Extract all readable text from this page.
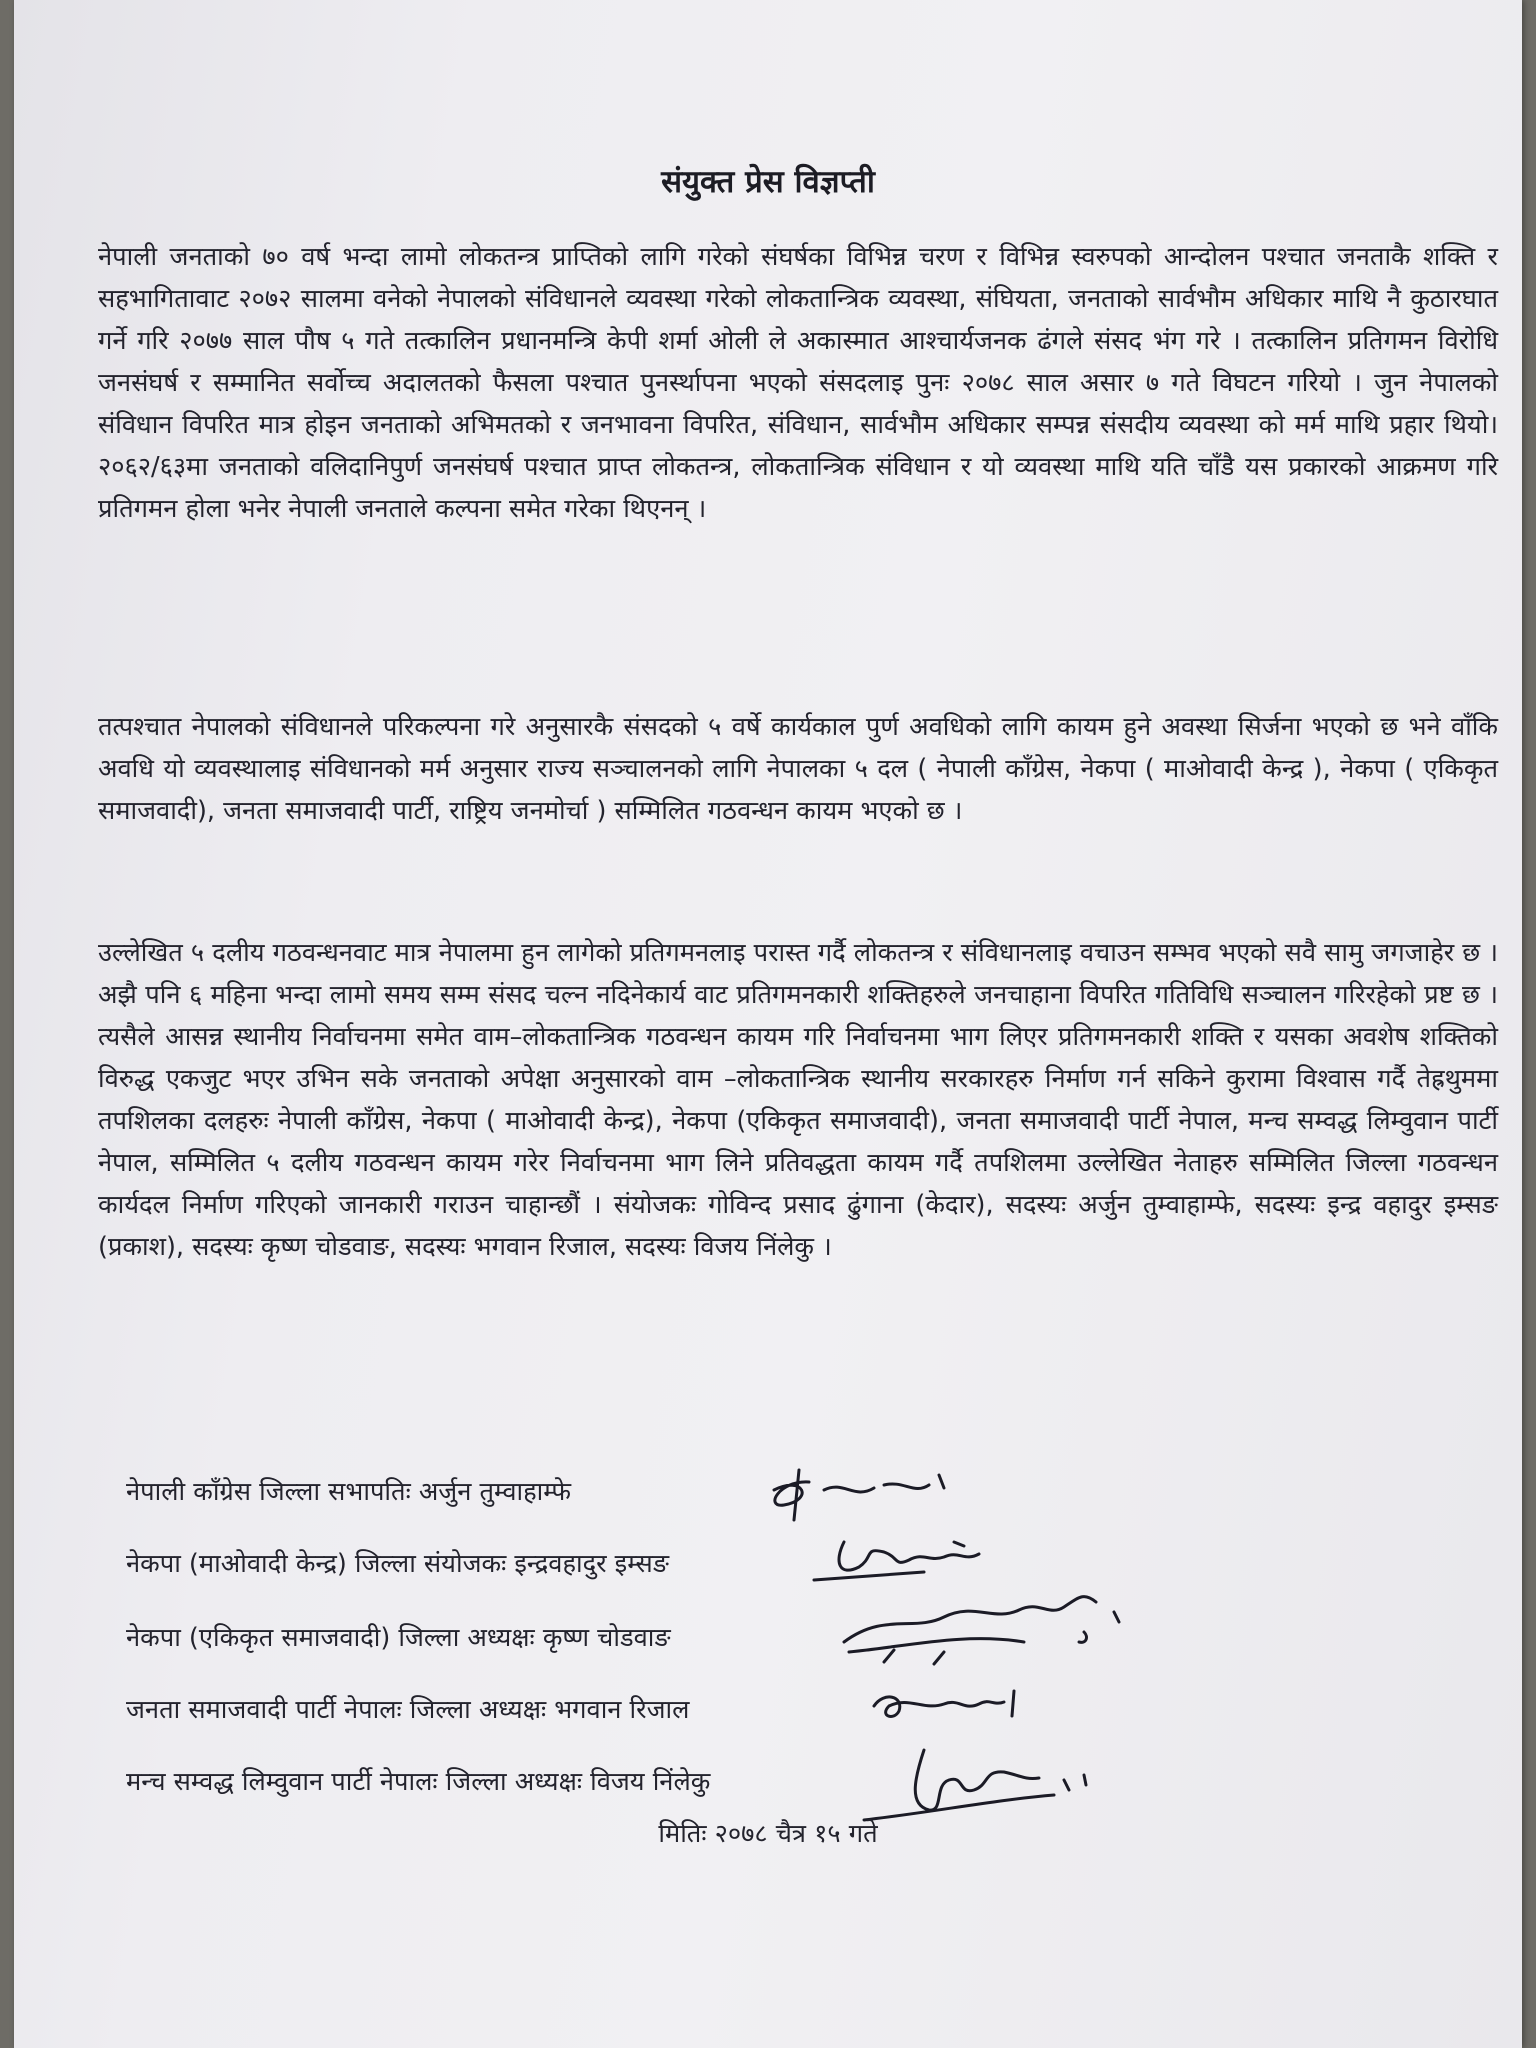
संयुक्त प्रेस विज्ञप्ती

नेपाली जनताको ७० वर्ष भन्दा लामो लोकतन्त्र प्राप्तिको लागि गरेको संघर्षका विभिन्न चरण र विभिन्न स्वरुपको आन्दोलन पश्चात जनताकै शक्ति र सहभागितावाट २०७२ सालमा वनेको नेपालको संविधानले व्यवस्था गरेको लोकतान्त्रिक व्यवस्था, संघियता, जनताको सार्वभौम अधिकार माथि नै कुठारघात गर्ने गरि २०७७ साल पौष ५ गते तत्कालिन प्रधानमन्त्रि केपी शर्मा ओली ले अकास्मात आश्चार्यजनक ढंगले संसद भंग गरे । तत्कालिन प्रतिगमन विरोधि जनसंघर्ष र सम्मानित सर्वोच्च अदालतको फैसला पश्चात पुनर्स्थापना भएको संसदलाइ पुनः २०७८ साल असार ७ गते विघटन गरियो । जुन नेपालको संविधान विपरित मात्र होइन जनताको अभिमतको र जनभावना विपरित, संविधान, सार्वभौम अधिकार सम्पन्न संसदीय व्यवस्था को मर्म माथि प्रहार थियो। २०६२/६३मा जनताको वलिदानिपुर्ण जनसंघर्ष पश्चात प्राप्त लोकतन्त्र, लोकतान्त्रिक संविधान र यो व्यवस्था माथि यति चाँडै यस प्रकारको आक्रमण गरि प्रतिगमन होला भनेर नेपाली जनताले कल्पना समेत गरेका थिएनन् ।

तत्पश्चात नेपालको संविधानले परिकल्पना गरे अनुसारकै संसदको ५ वर्षे कार्यकाल पुर्ण अवधिको लागि कायम हुने अवस्था सिर्जना भएको छ भने वाँकि अवधि यो व्यवस्थालाइ संविधानको मर्म अनुसार राज्य सञ्चालनको लागि नेपालका ५ दल ( नेपाली काँग्रेस, नेकपा ( माओवादी केन्द्र ), नेकपा ( एकिकृत समाजवादी), जनता समाजवादी पार्टी, राष्ट्रिय जनमोर्चा ) सम्मिलित गठवन्धन कायम भएको छ ।

उल्लेखित ५ दलीय गठवन्धनवाट मात्र नेपालमा हुन लागेको प्रतिगमनलाइ परास्त गर्दै लोकतन्त्र र संविधानलाइ वचाउन सम्भव भएको सवै सामु जगजाहेर छ । अझै पनि ६ महिना भन्दा लामो समय सम्म संसद चल्न नदिनेकार्य वाट प्रतिगमनकारी शक्तिहरुले जनचाहाना विपरित गतिविधि सञ्चालन गरिरहेको प्रष्ट छ । त्यसैले आसन्न स्थानीय निर्वाचनमा समेत वाम–लोकतान्त्रिक गठवन्धन कायम गरि निर्वाचनमा भाग लिएर प्रतिगमनकारी शक्ति र यसका अवशेष शक्तिको विरुद्ध एकजुट भएर उभिन सके जनताको अपेक्षा अनुसारको वाम –लोकतान्त्रिक स्थानीय सरकारहरु निर्माण गर्न सकिने कुरामा विश्वास गर्दै तेह्रथुममा तपशिलका दलहरुः नेपाली काँग्रेस, नेकपा ( माओवादी केन्द्र), नेकपा (एकिकृत समाजवादी), जनता समाजवादी पार्टी नेपाल, मन्च सम्वद्ध लिम्वुवान पार्टी नेपाल, सम्मिलित ५ दलीय गठवन्धन कायम गरेर निर्वाचनमा भाग लिने प्रतिवद्धता कायम गर्दै तपशिलमा उल्लेखित नेताहरु सम्मिलित जिल्ला गठवन्धन कार्यदल निर्माण गरिएको जानकारी गराउन चाहान्छौं । संयोजकः गोविन्द प्रसाद ढुंगाना (केदार), सदस्यः अर्जुन तुम्वाहाम्फे, सदस्यः इन्द्र वहादुर इम्सङ (प्रकाश), सदस्यः कृष्ण चोडवाङ, सदस्यः भगवान रिजाल, सदस्यः विजय निंलेकु ।

नेपाली काँग्रेस जिल्ला सभापतिः अर्जुन तुम्वाहाम्फे
नेकपा (माओवादी केन्द्र) जिल्ला संयोजकः इन्द्रवहादुर इम्सङ
नेकपा (एकिकृत समाजवादी) जिल्ला अध्यक्षः कृष्ण चोडवाङ
जनता समाजवादी पार्टी नेपालः जिल्ला अध्यक्षः भगवान रिजाल
मन्च सम्वद्ध लिम्वुवान पार्टी नेपालः जिल्ला अध्यक्षः विजय निंलेकु
मितिः २०७८ चैत्र १५ गते
